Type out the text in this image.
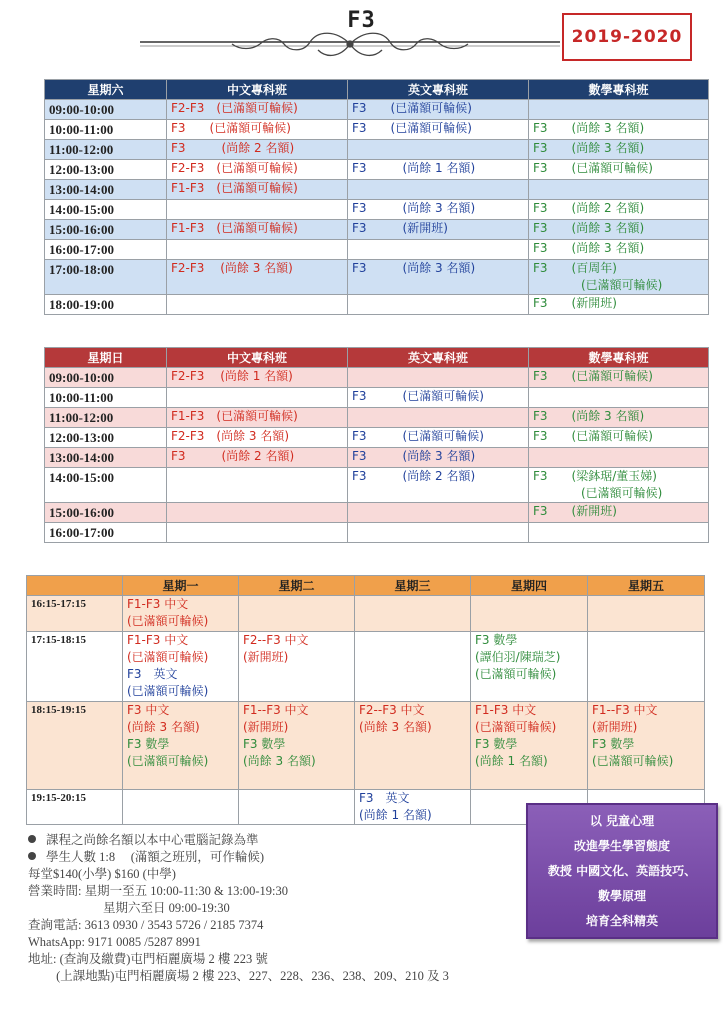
F3
2019-2020
星期六	中文專科班	英文專科班	數學專科班
09:00-10:00	F2-F3　(已滿額可輪候)	F3　　(已滿額可輪候)	

10:00-11:00	F3　　(已滿額可輪候)	F3　　(已滿額可輪候)	F3　　(尚餘 3 名額)

11:00-12:00	F3　　　(尚餘 2 名額)		F3　　(尚餘 3 名額)

12:00-13:00	F2-F3　(已滿額可輪候)	F3　　　(尚餘 1 名額)	F3　　(已滿額可輪候)

13:00-14:00	F1-F3　(已滿額可輪候)		

14:00-15:00		F3　　　(尚餘 3 名額)	F3　　(尚餘 2 名額)

15:00-16:00	F1-F3　(已滿額可輪候)	F3　　　(新開班)	F3　　(尚餘 3 名額)

16:00-17:00			F3　　(尚餘 3 名額)

17:00-18:00	F2-F3　 (尚餘 3 名額)	F3　　　(尚餘 3 名額)	F3　　(百周年)
　　　　(已滿額可輪候)

18:00-19:00			F3　　(新開班)
星期日	中文專科班	英文專科班	數學專科班
09:00-10:00	F2-F3　 (尚餘 1 名額)		F3　　(已滿額可輪候)

10:00-11:00		F3　　　(已滿額可輪候)	

11:00-12:00	F1-F3　(已滿額可輪候)		F3　　(尚餘 3 名額)

12:00-13:00	F2-F3　(尚餘 3 名額)	F3　　　(已滿額可輪候)	F3　　(已滿額可輪候)

13:00-14:00	F3　　　(尚餘 2 名額)	F3　　　(尚餘 3 名額)	

14:00-15:00		F3　　　(尚餘 2 名額)	F3　　(梁鉢琚/董玉娣)
　　　　(已滿額可輪候)

15:00-16:00			F3　　(新開班)

16:00-17:00			
	星期一	星期二	星期三	星期四	星期五
16:15-17:15	F1-F3 中文
(已滿額可輪候)				

17:15-18:15	F1-F3 中文
(已滿額可輪候)
F3　英文
(已滿額可輪候)	F2--F3 中文
(新開班)		F3 數學
(譚伯羽/陳瑞芝)
(已滿額可輪候)	

18:15-19:15	F3 中文
(尚餘 3 名額)
F3 數學
(已滿額可輪候)	F1--F3 中文
(新開班)
F3 數學
(尚餘 3 名額)	F2--F3 中文
(尚餘 3 名額)	F1-F3 中文
(已滿額可輪候)
F3 數學
(尚餘 1 名額)	F1--F3 中文
(新開班)
F3 數學
(已滿額可輪候)

19:15-20:15			F3　英文
(尚餘 1 名額)		

課程之尚餘名額以本中心電腦記錄為準
學生人數 1:8　 (滿額之班別，可作輪候)
每堂$140(小學) $160 (中學)
營業時間: 星期一至五 10:00-11:30 & 13:00-19:30
　　　　　　星期六至日 09:00-19:30
查詢電話: 3613 0930 / 3543 5726 / 2185 7374
WhatsApp: 9171 0085 /5287 8991
地址: (查詢及繳費)屯門栢麗廣場 2 樓 223 號
　　 (上課地點)屯門栢麗廣場 2 樓 223、227、228、236、238、209、210 及 3
以 兒童心理
改進學生學習態度
教授 中國文化、英語技巧、
數學原理
培育全科精英
